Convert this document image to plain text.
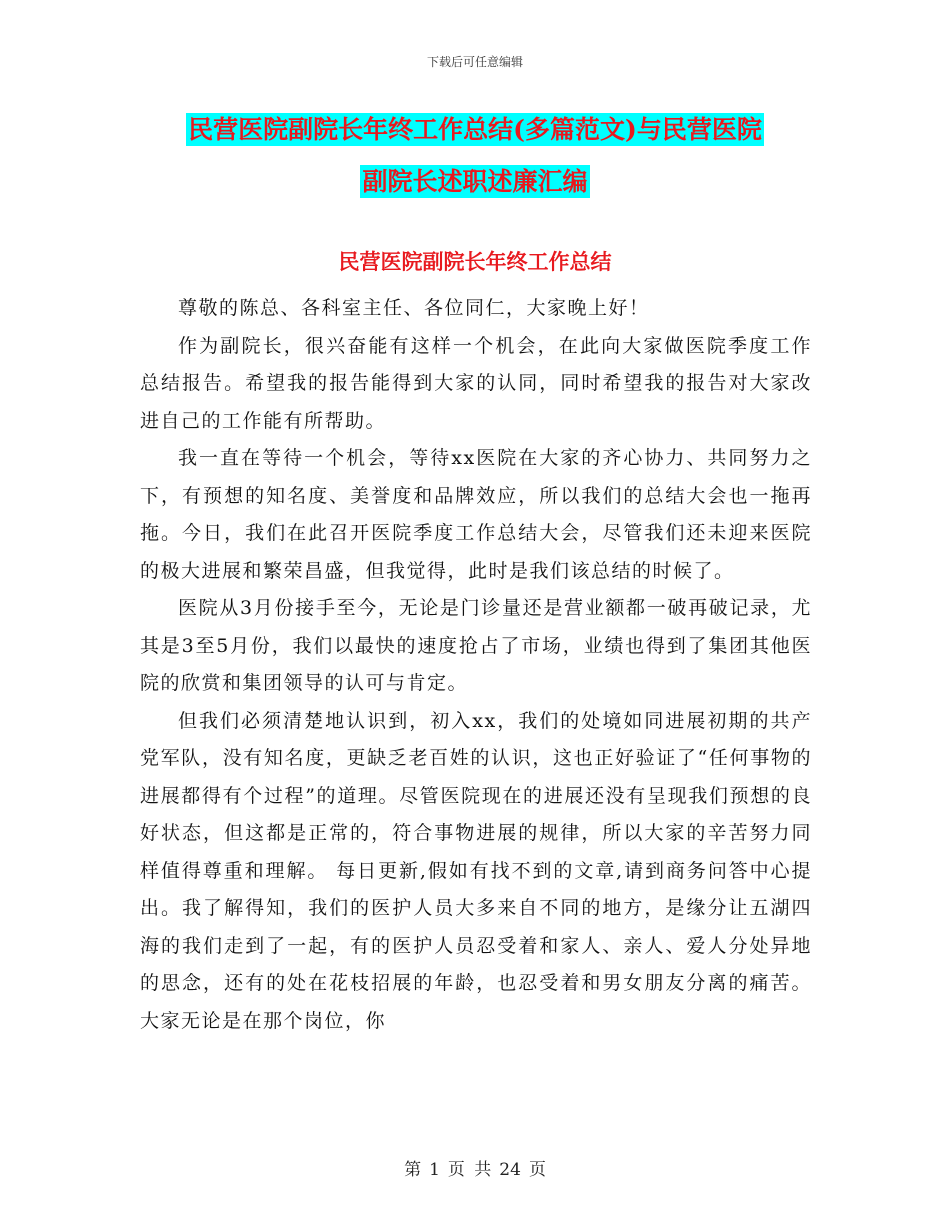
下载后可任意编辑
民营医院副院长年终工作总结(多篇范文)与民营医院
副院长述职述廉汇编
民营医院副院长年终工作总结

尊敬的陈总、各科室主任、各位同仁，大家晚上好！

作为副院长，很兴奋能有这样一个机会，在此向大家做医院季度工作总结报告。希望我的报告能得到大家的认同，同时希望我的报告对大家改进自己的工作能有所帮助。

我一直在等待一个机会，等待xx医院在大家的齐心协力、共同努力之下，有预想的知名度、美誉度和品牌效应，所以我们的总结大会也一拖再拖。今日，我们在此召开医院季度工作总结大会，尽管我们还未迎来医院的极大进展和繁荣昌盛，但我觉得，此时是我们该总结的时候了。

医院从3月份接手至今，无论是门诊量还是营业额都一破再破记录，尤其是3至5月份，我们以最快的速度抢占了市场，业绩也得到了集团其他医院的欣赏和集团领导的认可与肯定。

但我们必须清楚地认识到，初入xx，我们的处境如同进展初期的共产党军队，没有知名度，更缺乏老百姓的认识，这也正好验证了“任何事物的进展都得有个过程”的道理。尽管医院现在的进展还没有呈现我们预想的良好状态，但这都是正常的，符合事物进展的规律，所以大家的辛苦努力同样值得尊重和理解。 每日更新,假如有找不到的文章,请到商务问答中心提出。我了解得知，我们的医护人员大多来自不同的地方，是缘分让五湖四海的我们走到了一起，有的医护人员忍受着和家人、亲人、爱人分处异地的思念，还有的处在花枝招展的年龄，也忍受着和男女朋友分离的痛苦。大家无论是在那个岗位，你

第 1 页 共 24 页
